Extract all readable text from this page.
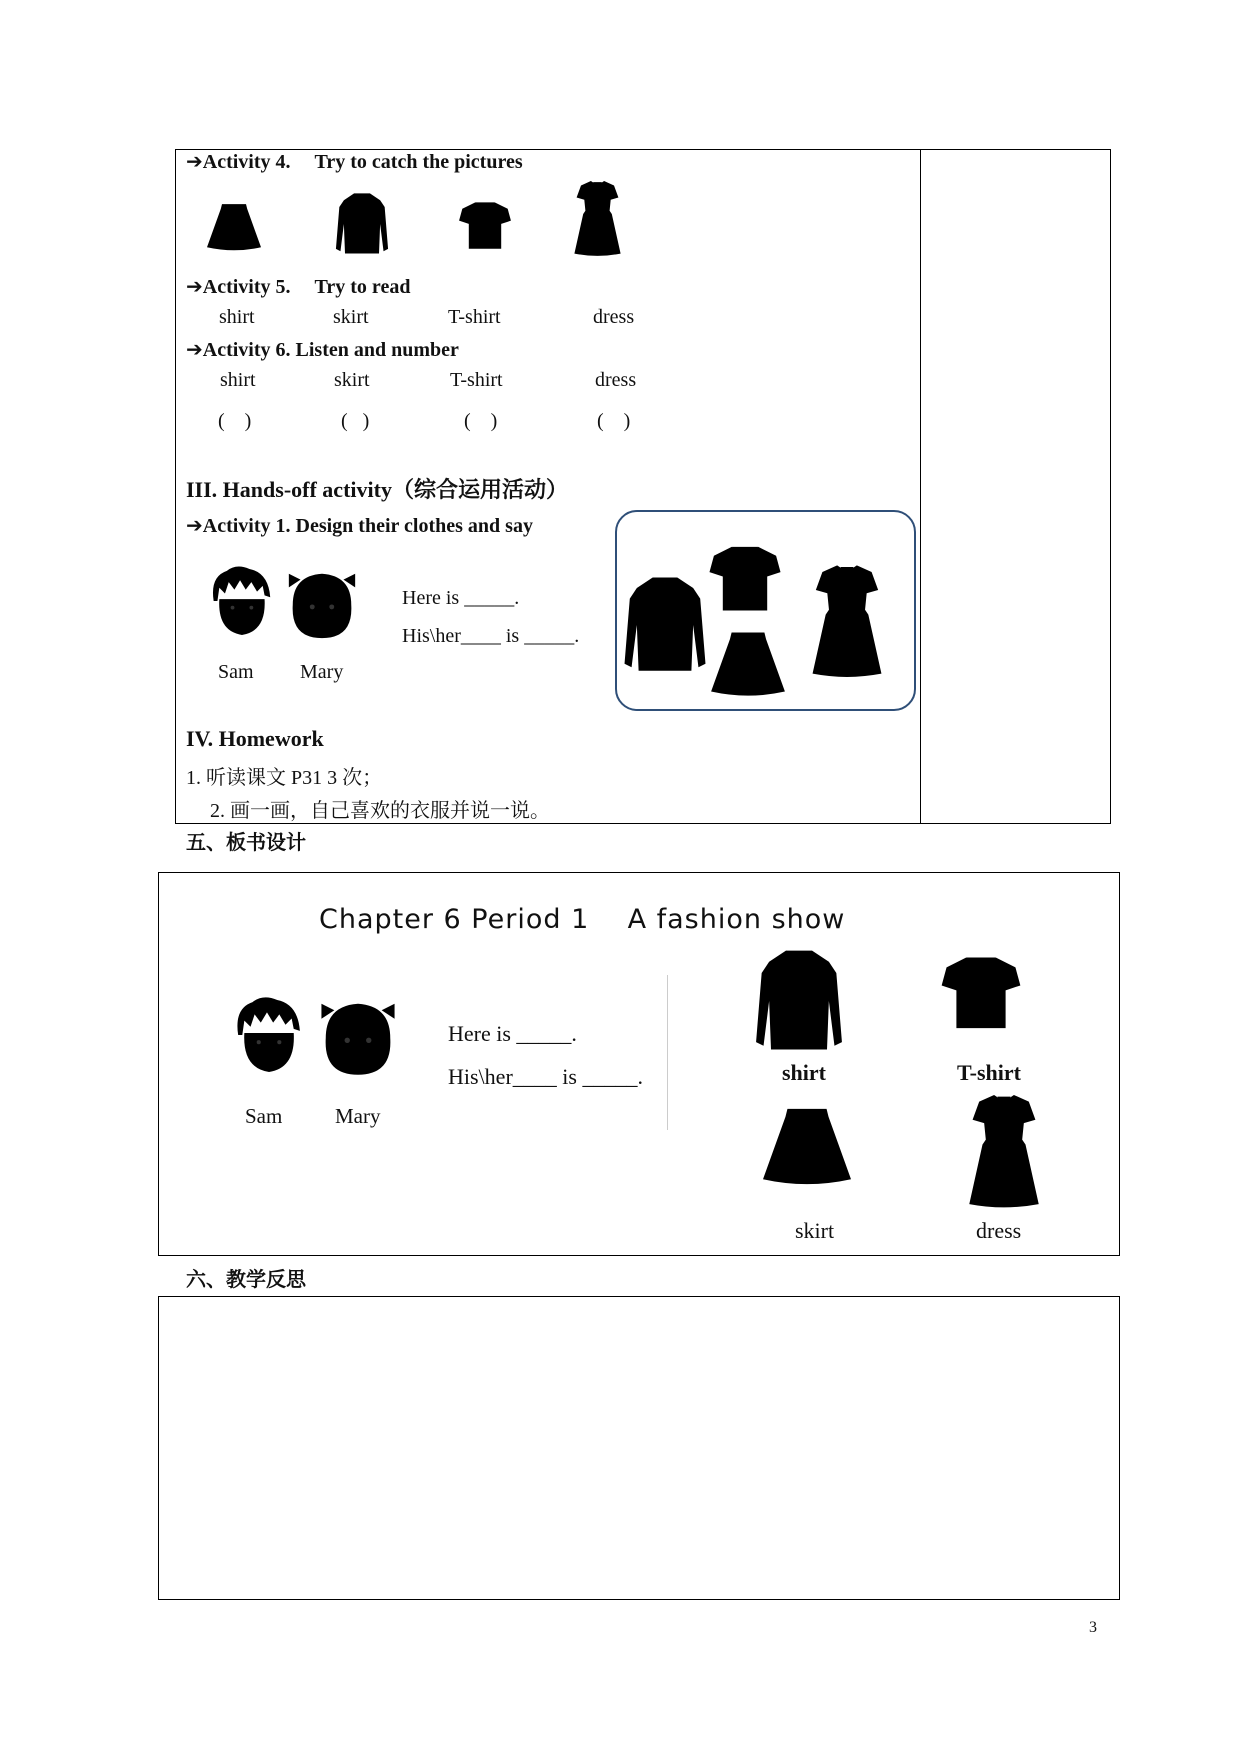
➔Activity 4. Try to catch the pictures
➔Activity 5. Try to read
shirt	skirt	T-shirt	dress
➔Activity 6. Listen and number
shirt	skirt	T-shirt	dress
(    )	(   )	(    )	(    )
III. Hands-off activity（综合运用活动）
➔Activity 1. Design their clothes and say
Sam Mary
Here is _____.
His\her____ is _____.
IV. Homework
1. 听读课文 P31 3 次；
2. 画一画，自己喜欢的衣服并说一说。
五、板书设计
Chapter 6 Period 1    A fashion show
Sam	Mary
Here is _____.
His\her____ is _____.	shirt	T-shirt
skirt	dress
六、教学反思
3
